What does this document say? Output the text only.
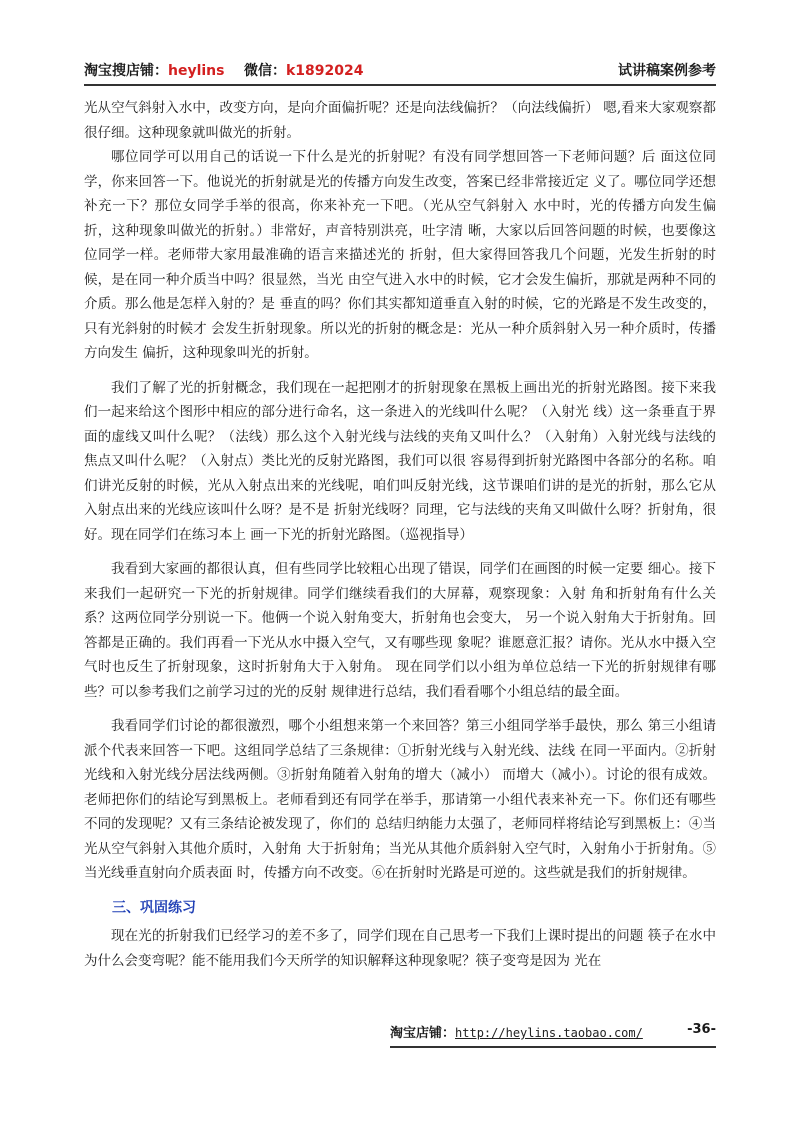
淘宝搜店铺：heylins 微信：k1892024	试讲稿案例参考

光从空气斜射入水中，改变方向，是向介面偏折呢？还是向法线偏折？（向法线偏折） 嗯,看来大家观察都很仔细。这种现象就叫做光的折射。

哪位同学可以用自己的话说一下什么是光的折射呢？有没有同学想回答一下老师问题？后 面这位同学，你来回答一下。他说光的折射就是光的传播方向发生改变，答案已经非常接近定 义了。哪位同学还想补充一下？那位女同学手举的很高，你来补充一下吧。（光从空气斜射入 水中时，光的传播方向发生偏折，这种现象叫做光的折射。）非常好，声音特别洪亮，吐字清 晰，大家以后回答问题的时候，也要像这位同学一样。老师带大家用最准确的语言来描述光的 折射，但大家得回答我几个问题，光发生折射的时候，是在同一种介质当中吗？很显然，当光 由空气进入水中的时候，它才会发生偏折，那就是两种不同的介质。那么他是怎样入射的？是 垂直的吗？你们其实都知道垂直入射的时候，它的光路是不发生改变的，只有光斜射的时候才 会发生折射现象。所以光的折射的概念是：光从一种介质斜射入另一种介质时，传播方向发生 偏折，这种现象叫光的折射。

我们了解了光的折射概念，我们现在一起把刚才的折射现象在黑板上画出光的折射光路图。接下来我们一起来给这个图形中相应的部分进行命名，这一条进入的光线叫什么呢？（入射光 线）这一条垂直于界面的虚线又叫什么呢？（法线）那么这个入射光线与法线的夹角又叫什么？（入射角）入射光线与法线的焦点又叫什么呢？（入射点）类比光的反射光路图，我们可以很 容易得到折射光路图中各部分的名称。咱们讲光反射的时候，光从入射点出来的光线呢，咱们叫反射光线，这节课咱们讲的是光的折射，那么它从入射点出来的光线应该叫什么呀？是不是 折射光线呀？同理，它与法线的夹角又叫做什么呀？折射角，很好。现在同学们在练习本上 画一下光的折射光路图。（巡视指导）

我看到大家画的都很认真，但有些同学比较粗心出现了错误，同学们在画图的时候一定要 细心。接下来我们一起研究一下光的折射规律。同学们继续看我们的大屏幕，观察现象：入射 角和折射角有什么关系？这两位同学分别说一下。他俩一个说入射角变大，折射角也会变大， 另一个说入射角大于折射角。回答都是正确的。我们再看一下光从水中摄入空气，又有哪些现 象呢？谁愿意汇报？请你。光从水中摄入空气时也反生了折射现象，这时折射角大于入射角。 现在同学们以小组为单位总结一下光的折射规律有哪些？可以参考我们之前学习过的光的反射 规律进行总结，我们看看哪个小组总结的最全面。

我看同学们讨论的都很激烈，哪个小组想来第一个来回答？第三小组同学举手最快，那么 第三小组请派个代表来回答一下吧。这组同学总结了三条规律：①折射光线与入射光线、法线 在同一平面内。②折射光线和入射光线分居法线两侧。③折射角随着入射角的增大（减小） 而增大（减小）。讨论的很有成效。老师把你们的结论写到黑板上。老师看到还有同学在举手，那请第一小组代表来补充一下。你们还有哪些不同的发现呢？又有三条结论被发现了，你们的 总结归纳能力太强了，老师同样将结论写到黑板上：④当光从空气斜射入其他介质时，入射角 大于折射角；当光从其他介质斜射入空气时，入射角小于折射角。⑤当光线垂直射向介质表面 时，传播方向不改变。⑥在折射时光路是可逆的。这些就是我们的折射规律。

三、巩固练习

现在光的折射我们已经学习的差不多了，同学们现在自己思考一下我们上课时提出的问题 筷子在水中为什么会变弯呢？能不能用我们今天所学的知识解释这种现象呢？筷子变弯是因为 光在

淘宝店铺：http://heylins.taobao.com/	-36-
